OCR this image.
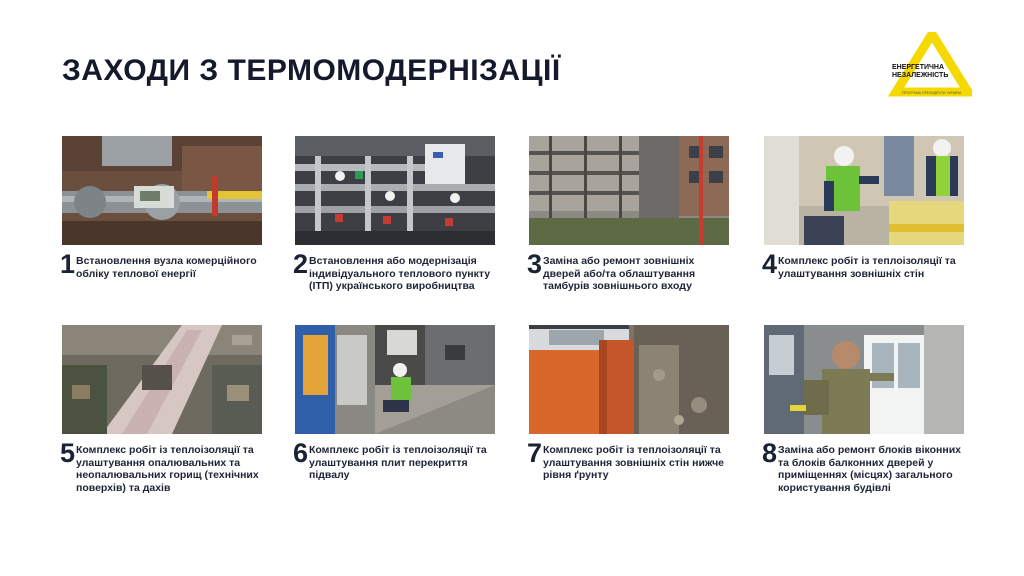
ЗАХОДИ З ТЕРМОМОДЕРНІЗАЦІЇ	ЕНЕРГЕТИЧНА
НЕЗАЛЕЖНІСТЬ
ПРОГРАМА ПРЕЗИДЕНТА УКРАЇНИ
1 Встановлення вузла комерційного обліку теплової енергії	2 Встановлення або модернізація індивідуального теплового пункту (ІТП) українського виробництва
3 Заміна або ремонт зовнішніх дверей або/та облаштування тамбурів зовнішнього входу
4 Комплекс робіт із теплоізоляції та улаштування зовнішніх стін
5 Комплекс робіт із теплоізоляції та улаштування опалювальних та неопалювальних горищ (технічних поверхів) та дахів
6 Комплекс робіт із теплоізоляції та улаштування плит перекриття підвалу
7 Комплекс робіт із теплоізоляції та улаштування зовнішніх стін нижче рівня ґрунту
8 Заміна або ремонт блоків віконних та блоків балконних дверей у приміщеннях (місцях) загального користування будівлі
